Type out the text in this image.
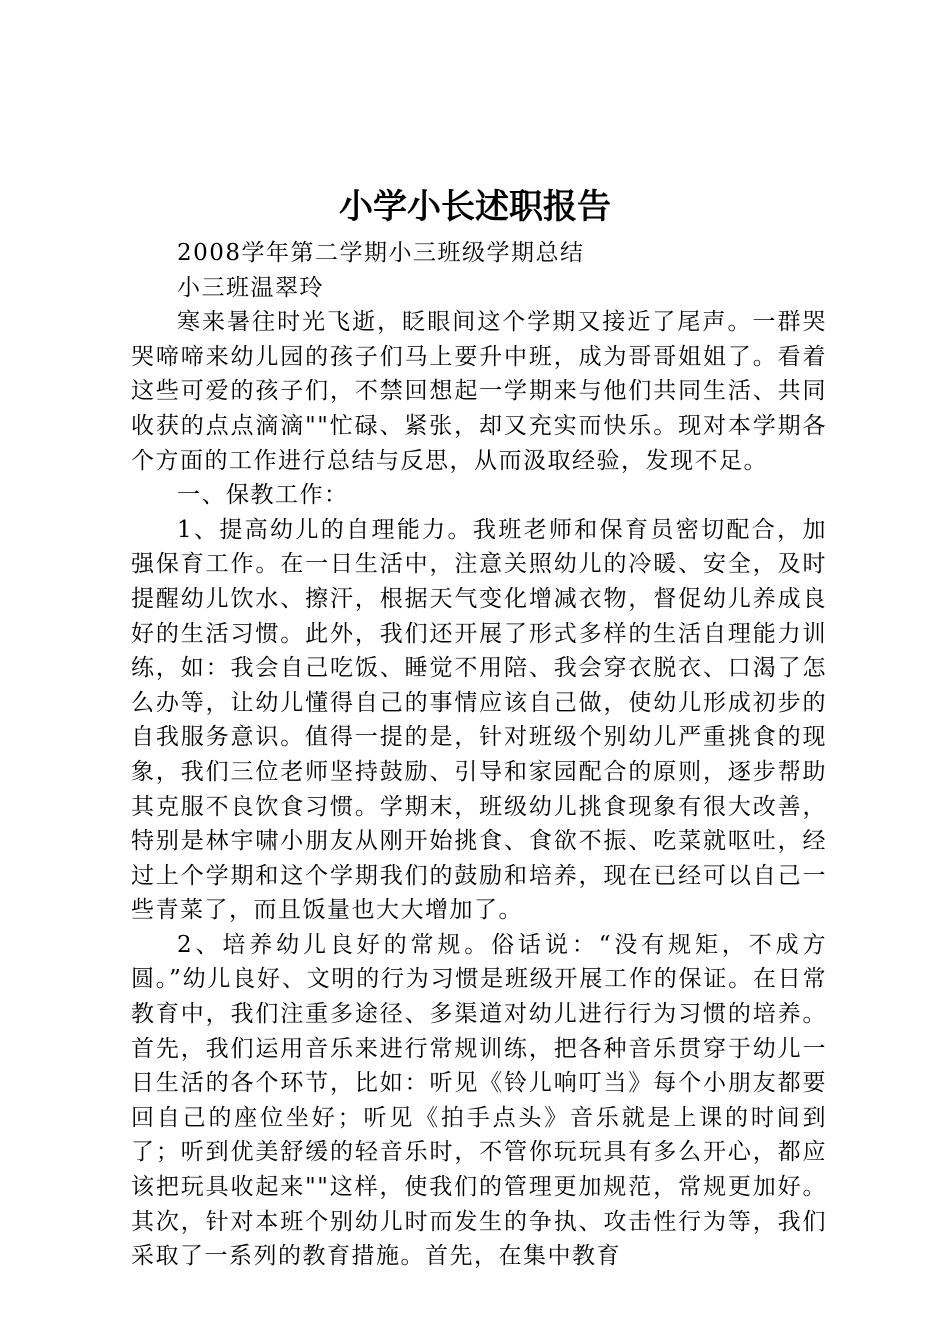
小学小长述职报告

2008学年第二学期小三班级学期总结

小三班温翠玲

寒来暑往时光飞逝，眨眼间这个学期又接近了尾声。一群哭哭啼啼来幼儿园的孩子们马上要升中班，成为哥哥姐姐了。看着这些可爱的孩子们，不禁回想起一学期来与他们共同生活、共同收获的点点滴滴""忙碌、紧张，却又充实而快乐。现对本学期各个方面的工作进行总结与反思，从而汲取经验，发现不足。

一、保教工作：

1、提高幼儿的自理能力。我班老师和保育员密切配合，加强保育工作。在一日生活中，注意关照幼儿的冷暖、安全，及时提醒幼儿饮水、擦汗，根据天气变化增减衣物，督促幼儿养成良好的生活习惯。此外，我们还开展了形式多样的生活自理能力训练，如：我会自己吃饭、睡觉不用陪、我会穿衣脱衣、口渴了怎么办等，让幼儿懂得自己的事情应该自己做，使幼儿形成初步的自我服务意识。值得一提的是，针对班级个别幼儿严重挑食的现象，我们三位老师坚持鼓励、引导和家园配合的原则，逐步帮助其克服不良饮食习惯。学期末，班级幼儿挑食现象有很大改善，特别是林宇啸小朋友从刚开始挑食、食欲不振、吃菜就呕吐，经过上个学期和这个学期我们的鼓励和培养，现在已经可以自己一些青菜了，而且饭量也大大增加了。

2、培养幼儿良好的常规。俗话说：“没有规矩，不成方圆。”幼儿良好、文明的行为习惯是班级开展工作的保证。在日常教育中，我们注重多途径、多渠道对幼儿进行行为习惯的培养。首先，我们运用音乐来进行常规训练，把各种音乐贯穿于幼儿一日生活的各个环节，比如：听见《铃儿响叮当》每个小朋友都要回自己的座位坐好；听见《拍手点头》音乐就是上课的时间到了；听到优美舒缓的轻音乐时，不管你玩玩具有多么开心，都应该把玩具收起来""这样，使我们的管理更加规范，常规更加好。其次，针对本班个别幼儿时而发生的争执、攻击性行为等，我们采取了一系列的教育措施。首先，在集中教育
